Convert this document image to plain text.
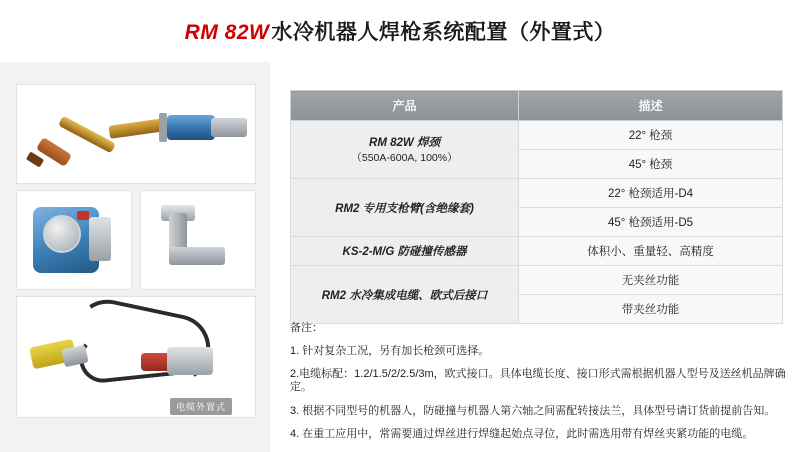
RM 82W水冷机器人焊枪系统配置（外置式）
电缆外置式
产品	描述
RM 82W 焊颈
（550A-600A, 100%）	22° 枪颈
	45° 枪颈
RM2 专用支枪臂(含绝缘套)	22° 枪颈适用-D4
	45° 枪颈适用-D5
KS-2-M/G 防碰撞传感器	体积小、重量轻、高精度
RM2 水冷集成电缆、欧式后接口	无夹丝功能
	带夹丝功能
备注：
1. 针对复杂工况，另有加长枪颈可选择。
2.电缆标配：1.2/1.5/2/2.5/3m，欧式接口。具体电缆长度、接口形式需根据机器人型号及送丝机品牌确定。
3. 根据不同型号的机器人，防碰撞与机器人第六轴之间需配转接法兰，具体型号请订货前提前告知。
4. 在重工应用中，常需要通过焊丝进行焊缝起始点寻位，此时需选用带有焊丝夹紧功能的电缆。
